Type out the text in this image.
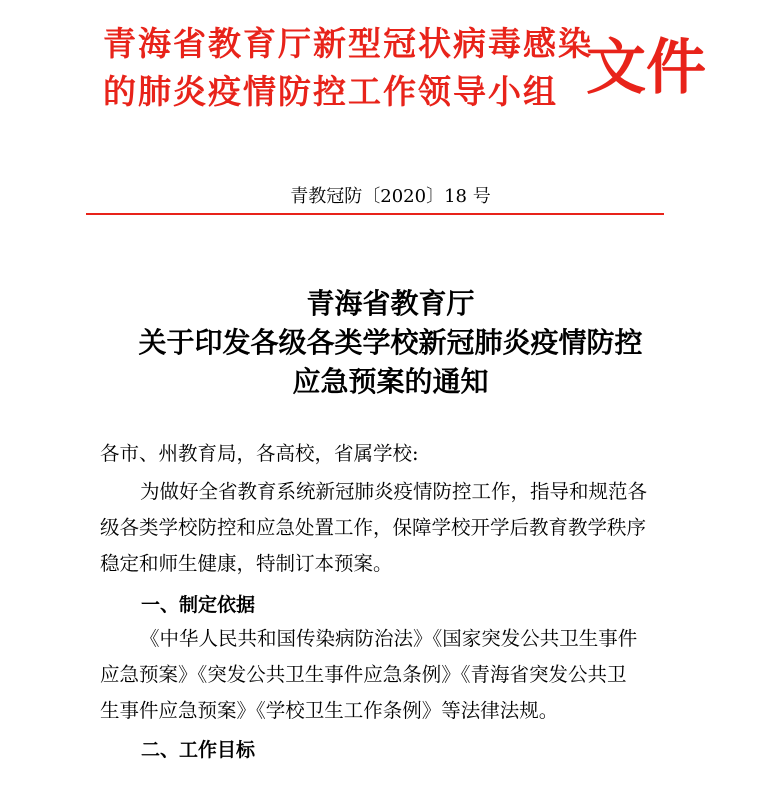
青海省教育厅新型冠状病毒感染
的肺炎疫情防控工作领导小组 文件
青教冠防〔2020〕18 号
青海省教育厅
关于印发各级各类学校新冠肺炎疫情防控
应急预案的通知
各市、州教育局，各高校，省属学校:
为做好全省教育系统新冠肺炎疫情防控工作，指导和规范各
级各类学校防控和应急处置工作，保障学校开学后教育教学秩序
稳定和师生健康，特制订本预案。
一、制定依据
《中华人民共和国传染病防治法》《国家突发公共卫生事件
应急预案》《突发公共卫生事件应急条例》《青海省突发公共卫
生事件应急预案》《学校卫生工作条例》等法律法规。
二、工作目标
